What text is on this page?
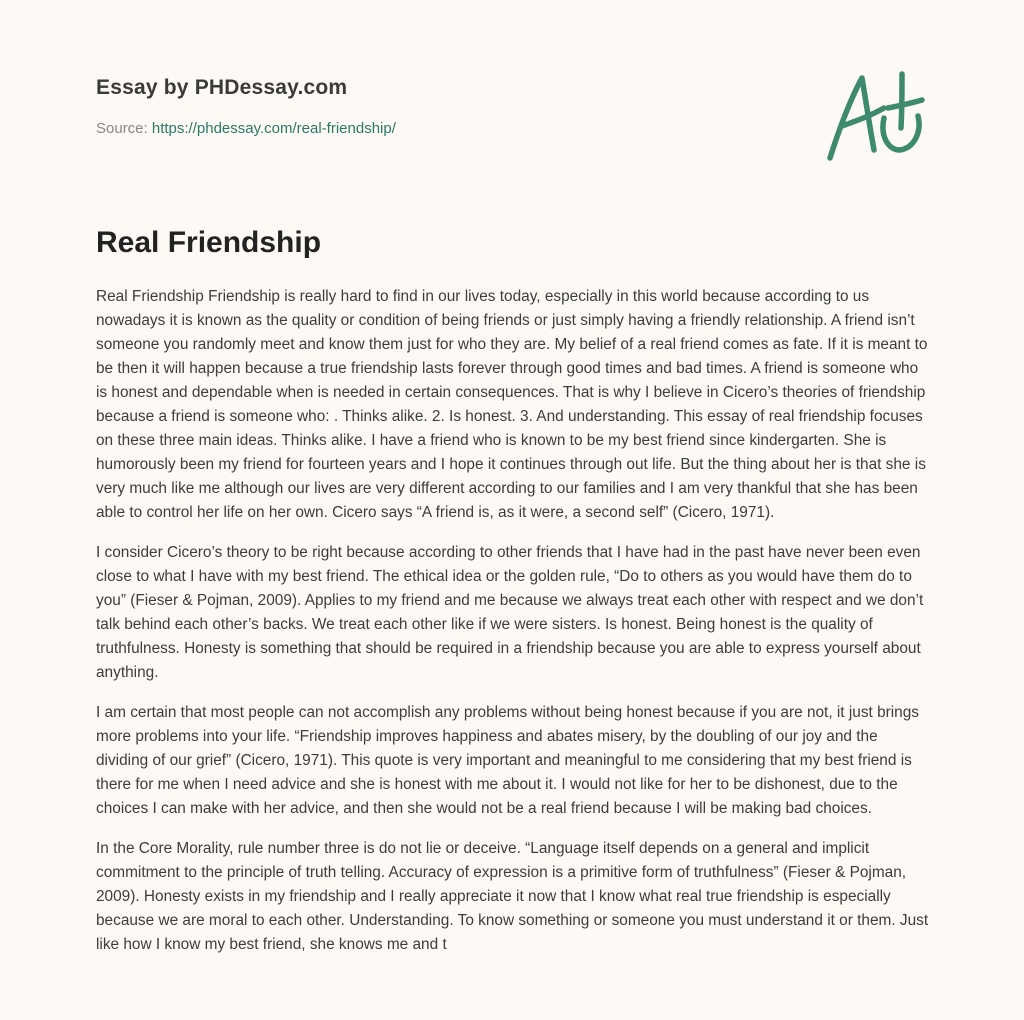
Essay by PHDessay.com
Source: https://phdessay.com/real-friendship/
Real Friendship

Real Friendship Friendship is really hard to find in our lives today, especially in this world because according to us nowadays it is known as the quality or condition of being friends or just simply having a friendly relationship. A friend isn’t someone you randomly meet and know them just for who they are. My belief of a real friend comes as fate. If it is meant to be then it will happen because a true friendship lasts forever through good times and bad times. A friend is someone who is honest and dependable when is needed in certain consequences. That is why I believe in Cicero’s theories of friendship because a friend is someone who: . Thinks alike. 2. Is honest. 3. And understanding. This essay of real friendship focuses on these three main ideas. Thinks alike. I have a friend who is known to be my best friend since kindergarten. She is humorously been my friend for fourteen years and I hope it continues through out life. But the thing about her is that she is very much like me although our lives are very different according to our families and I am very thankful that she has been able to control her life on her own. Cicero says “A friend is, as it were, a second self” (Cicero, 1971).

I consider Cicero’s theory to be right because according to other friends that I have had in the past have never been even close to what I have with my best friend. The ethical idea or the golden rule, “Do to others as you would have them do to you” (Fieser & Pojman, 2009). Applies to my friend and me because we always treat each other with respect and we don’t talk behind each other’s backs. We treat each other like if we were sisters. Is honest. Being honest is the quality of truthfulness. Honesty is something that should be required in a friendship because you are able to express yourself about anything.

I am certain that most people can not accomplish any problems without being honest because if you are not, it just brings more problems into your life. “Friendship improves happiness and abates misery, by the doubling of our joy and the dividing of our grief” (Cicero, 1971). This quote is very important and meaningful to me considering that my best friend is there for me when I need advice and she is honest with me about it. I would not like for her to be dishonest, due to the choices I can make with her advice, and then she would not be a real friend because I will be making bad choices.

In the Core Morality, rule number three is do not lie or deceive. “Language itself depends on a general and implicit commitment to the principle of truth telling. Accuracy of expression is a primitive form of truthfulness” (Fieser & Pojman, 2009). Honesty exists in my friendship and I really appreciate it now that I know what real true friendship is especially because we are moral to each other. Understanding. To know something or someone you must understand it or them. Just like how I know my best friend, she knows me and t
